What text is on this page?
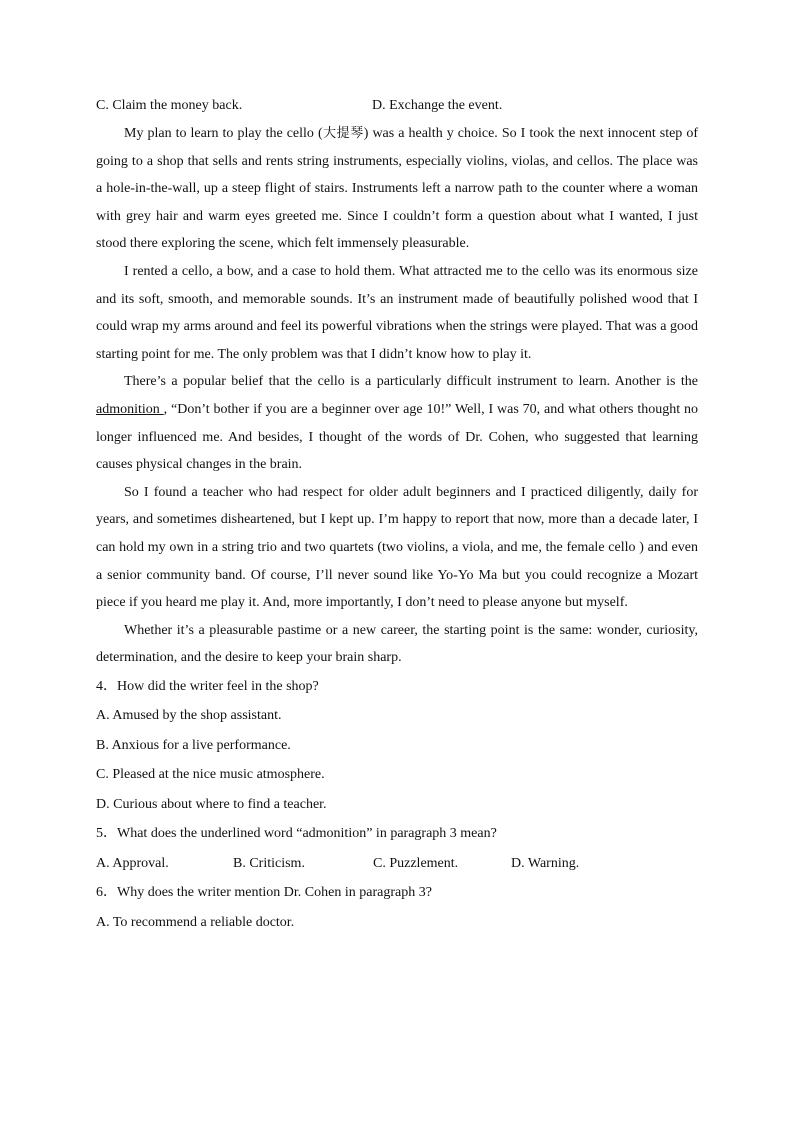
C. Claim the money back.	D. Exchange the event.

My plan to learn to play the cello (大提琴) was a health y choice. So I took the next innocent step of going to a shop that sells and rents string instruments, especially violins, violas, and cellos. The place was a hole-in-the-wall, up a steep flight of stairs. Instruments left a narrow path to the counter where a woman with grey hair and warm eyes greeted me. Since I couldn’t form a question about what I wanted, I just stood there exploring the scene, which felt immensely pleasurable.

I rented a cello, a bow, and a case to hold them. What attracted me to the cello was its enormous size and its soft, smooth, and memorable sounds. It’s an instrument made of beautifully polished wood that I could wrap my arms around and feel its powerful vibrations when the strings were played. That was a good starting point for me. The only problem was that I didn’t know how to play it.

There’s a popular belief that the cello is a particularly difficult instrument to learn. Another is the admonition , “Don’t bother if you are a beginner over age 10!” Well, I was 70, and what others thought no longer influenced me. And besides, I thought of the words of Dr. Cohen, who suggested that learning causes physical changes in the brain.

So I found a teacher who had respect for older adult beginners and I practiced diligently, daily for years, and sometimes disheartened, but I kept up. I’m happy to report that now, more than a decade later, I can hold my own in a string trio and two quartets (two violins, a viola, and me, the female cello ) and even a senior community band. Of course, I’ll never sound like Yo-Yo Ma but you could recognize a Mozart piece if you heard me play it. And, more importantly, I don’t need to please anyone but myself.

Whether it’s a pleasurable pastime or a new career, the starting point is the same: wonder, curiosity, determination, and the desire to keep your brain sharp.

4．How did the writer feel in the shop?

A. Amused by the shop assistant.

B. Anxious for a live performance.

C. Pleased at the nice music atmosphere.

D. Curious about where to find a teacher.

5．What does the underlined word “admonition” in paragraph 3 mean?

A. Approval.	B. Criticism.	C. Puzzlement.	D. Warning.

6．Why does the writer mention Dr. Cohen in paragraph 3?

A. To recommend a reliable doctor.
